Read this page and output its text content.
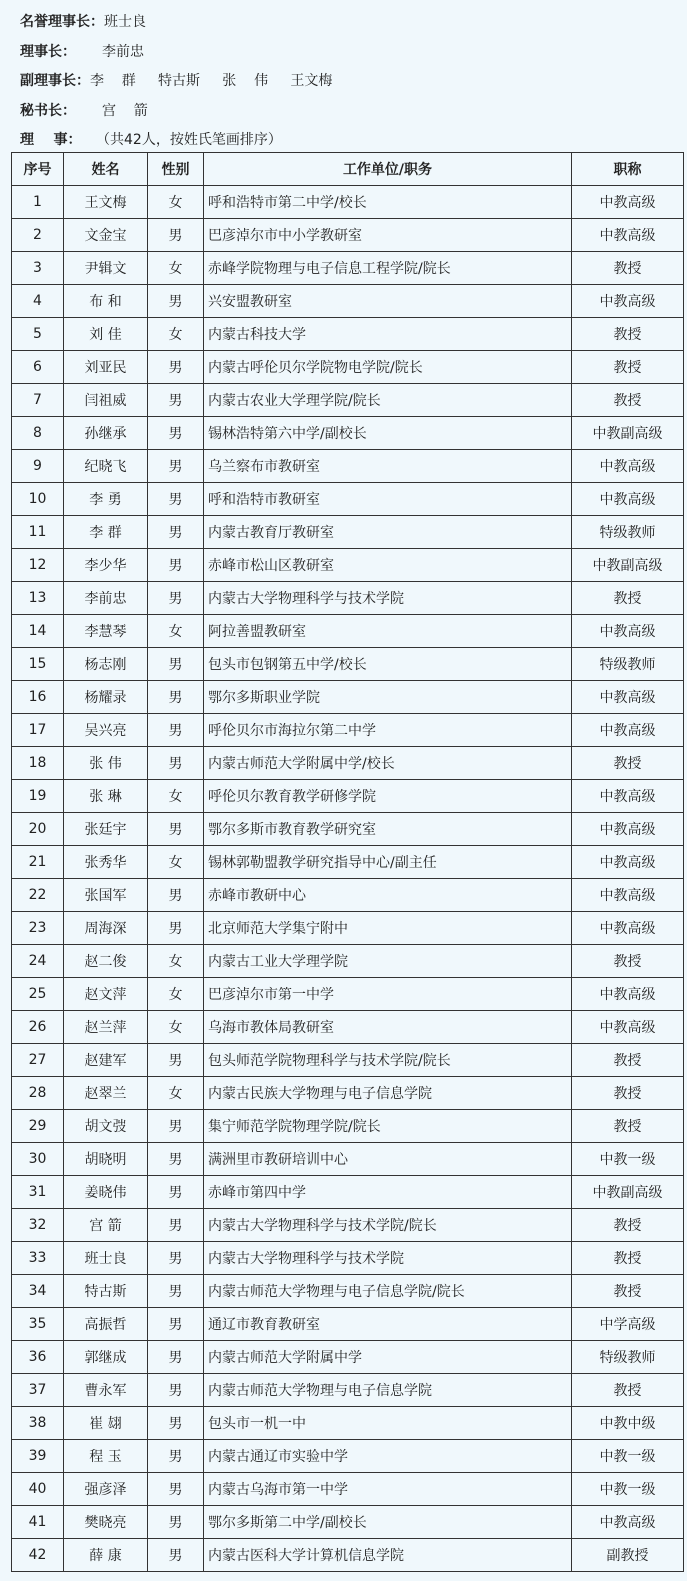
名誉理事长：班士良
理事长： 李前忠
副理事长：李    群     特古斯     张    伟     王文梅
秘书长： 宫    箭
理    事： （共42人，按姓氏笔画排序）
序号	姓名	性别	工作单位/职务	职称
1	王文梅	女	呼和浩特市第二中学/校长	中教高级
2	文金宝	男	巴彦淖尔市中小学教研室	中教高级
3	尹辑文	女	赤峰学院物理与电子信息工程学院/院长	教授
4	布 和	男	兴安盟教研室	中教高级
5	刘 佳	女	内蒙古科技大学	教授
6	刘亚民	男	内蒙古呼伦贝尔学院物电学院/院长	教授
7	闫祖威	男	内蒙古农业大学理学院/院长	教授
8	孙继承	男	锡林浩特第六中学/副校长	中教副高级
9	纪晓飞	男	乌兰察布市教研室	中教高级
10	李 勇	男	呼和浩特市教研室	中教高级
11	李 群	男	内蒙古教育厅教研室	特级教师
12	李少华	男	赤峰市松山区教研室	中教副高级
13	李前忠	男	内蒙古大学物理科学与技术学院	教授
14	李慧琴	女	阿拉善盟教研室	中教高级
15	杨志刚	男	包头市包钢第五中学/校长	特级教师
16	杨耀录	男	鄂尔多斯职业学院	中教高级
17	吴兴亮	男	呼伦贝尔市海拉尔第二中学	中教高级
18	张 伟	男	内蒙古师范大学附属中学/校长	教授
19	张 琳	女	呼伦贝尔教育教学研修学院	中教高级
20	张廷宇	男	鄂尔多斯市教育教学研究室	中教高级
21	张秀华	女	锡林郭勒盟教学研究指导中心/副主任	中教高级
22	张国军	男	赤峰市教研中心	中教高级
23	周海深	男	北京师范大学集宁附中	中教高级
24	赵二俊	女	内蒙古工业大学理学院	教授
25	赵文萍	女	巴彦淖尔市第一中学	中教高级
26	赵兰萍	女	乌海市教体局教研室	中教高级
27	赵建军	男	包头师范学院物理科学与技术学院/院长	教授
28	赵翠兰	女	内蒙古民族大学物理与电子信息学院	教授
29	胡文弢	男	集宁师范学院物理学院/院长	教授
30	胡晓明	男	满洲里市教研培训中心	中教一级
31	姜晓伟	男	赤峰市第四中学	中教副高级
32	宫 箭	男	内蒙古大学物理科学与技术学院/院长	教授
33	班士良	男	内蒙古大学物理科学与技术学院	教授
34	特古斯	男	内蒙古师范大学物理与电子信息学院/院长	教授
35	高振哲	男	通辽市教育教研室	中学高级
36	郭继成	男	内蒙古师范大学附属中学	特级教师
37	曹永军	男	内蒙古师范大学物理与电子信息学院	教授
38	崔 翃	男	包头市一机一中	中教中级
39	程 玉	男	内蒙古通辽市实验中学	中教一级
40	强彦泽	男	内蒙古乌海市第一中学	中教一级
41	樊晓亮	男	鄂尔多斯第二中学/副校长	中教高级
42	薛 康	男	内蒙古医科大学计算机信息学院	副教授
